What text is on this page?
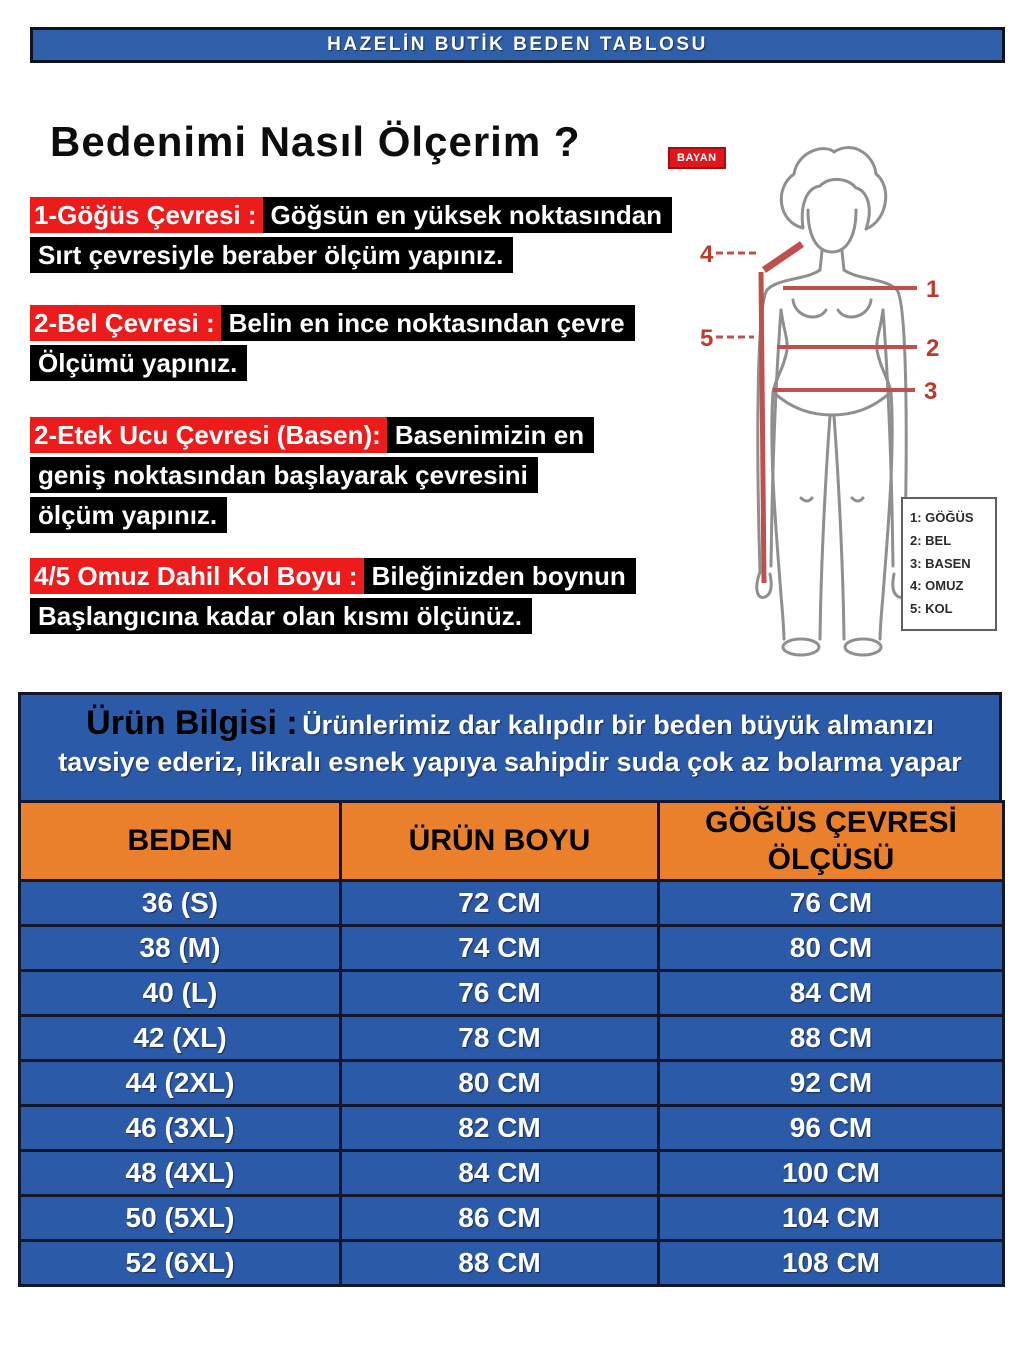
HAZELİN BUTİK BEDEN TABLOSU
Bedenimi Nasıl Ölçerim ?
1-Göğüs Çevresi : Göğsün en yüksek noktasından
Sırt çevresiyle beraber ölçüm yapınız.
2-Bel Çevresi : Belin en ince noktasından çevre
Ölçümü yapınız.
2-Etek Ucu Çevresi (Basen): Basenimizin en
geniş noktasından başlayarak çevresini
ölçüm yapınız.
4/5 Omuz Dahil Kol Boyu : Bileğinizden boynun
Başlangıcına kadar olan kısmı ölçünüz.
1
2
3
4
5
BAYAN
1: GÖĞÜS
2: BEL
3: BASEN
4: OMUZ
5: KOL
Ürün Bilgisi : Ürünlerimiz dar kalıpdır bir beden büyük almanızı
tavsiye ederiz, likralı esnek yapıya sahipdir suda çok az bolarma yapar
BEDEN	ÜRÜN BOYU	GÖĞÜS ÇEVRESİ ÖLÇÜSÜ
36 (S)	72 CM	76 CM
38 (M)	74 CM	80 CM
40 (L)	76 CM	84 CM
42 (XL)	78 CM	88 CM
44 (2XL)	80 CM	92 CM
46 (3XL)	82 CM	96 CM
48 (4XL)	84 CM	100 CM
50 (5XL)	86 CM	104 CM
52 (6XL)	88 CM	108 CM
